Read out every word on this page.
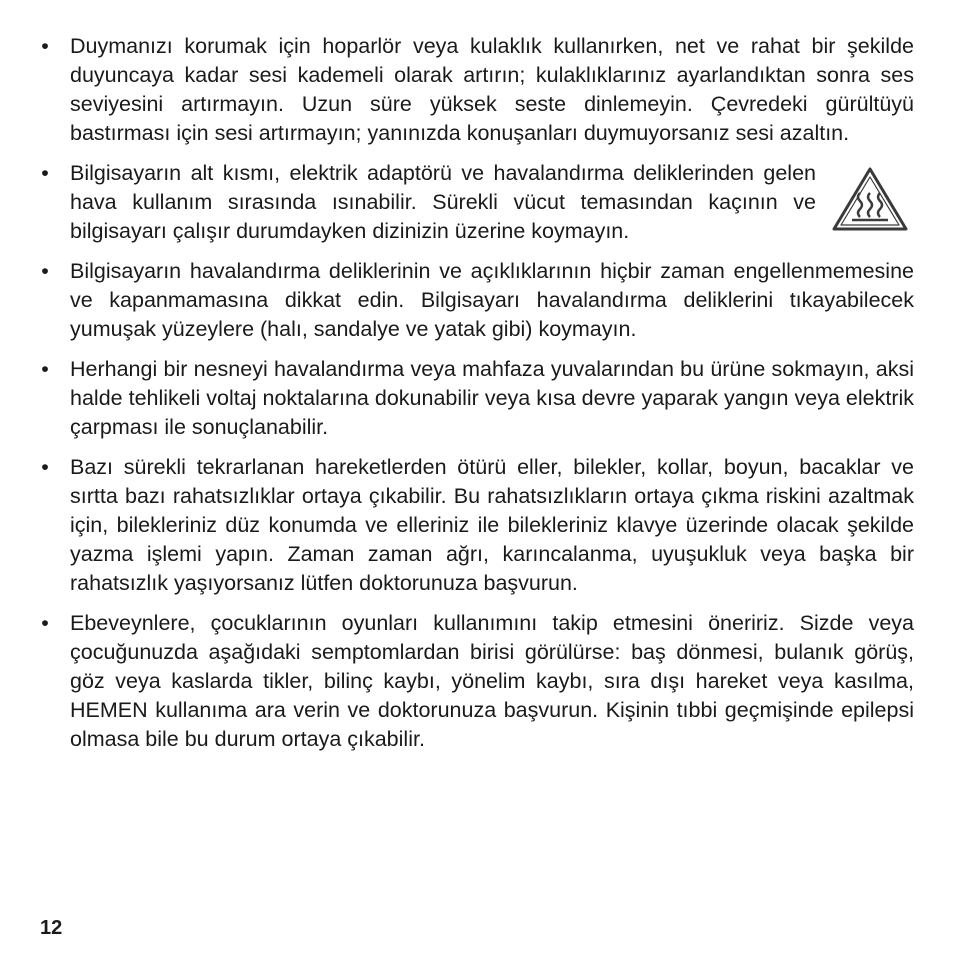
• Duymanızı korumak için hoparlör veya kulaklık kullanırken, net ve rahat bir şekilde duyuncaya kadar sesi kademeli olarak artırın; kulaklıklarınız ayarlandıktan sonra ses seviyesini artırmayın. Uzun süre yüksek seste dinlemeyin. Çevredeki gürültüyü bastırması için sesi artırmayın; yanınızda konuşanları duymuyorsanız sesi azaltın.
• Bilgisayarın alt kısmı, elektrik adaptörü ve havalandırma deliklerinden gelen hava kullanım sırasında ısınabilir. Sürekli vücut temasından kaçının ve bilgisayarı çalışır durumdayken dizinizin üzerine koymayın.
• Bilgisayarın havalandırma deliklerinin ve açıklıklarının hiçbir zaman engellenmemesine ve kapanmamasına dikkat edin. Bilgisayarı havalandırma deliklerini tıkayabilecek yumuşak yüzeylere (halı, sandalye ve yatak gibi) koymayın.
• Herhangi bir nesneyi havalandırma veya mahfaza yuvalarından bu ürüne sokmayın, aksi halde tehlikeli voltaj noktalarına dokunabilir veya kısa devre yaparak yangın veya elektrik çarpması ile sonuçlanabilir.
• Bazı sürekli tekrarlanan hareketlerden ötürü eller, bilekler, kollar, boyun, bacaklar ve sırtta bazı rahatsızlıklar ortaya çıkabilir. Bu rahatsızlıkların ortaya çıkma riskini azaltmak için, bilekleriniz düz konumda ve elleriniz ile bilekleriniz klavye üzerinde olacak şekilde yazma işlemi yapın. Zaman zaman ağrı, karıncalanma, uyuşukluk veya başka bir rahatsızlık yaşıyorsanız lütfen doktorunuza başvurun.
• Ebeveynlere, çocuklarının oyunları kullanımını takip etmesini öneririz. Sizde veya çocuğunuzda aşağıdaki semptomlardan birisi görülürse: baş dönmesi, bulanık görüş, göz veya kaslarda tikler, bilinç kaybı, yönelim kaybı, sıra dışı hareket veya kasılma, HEMEN kullanıma ara verin ve doktorunuza başvurun. Kişinin tıbbi geçmişinde epilepsi olmasa bile bu durum ortaya çıkabilir.
12
